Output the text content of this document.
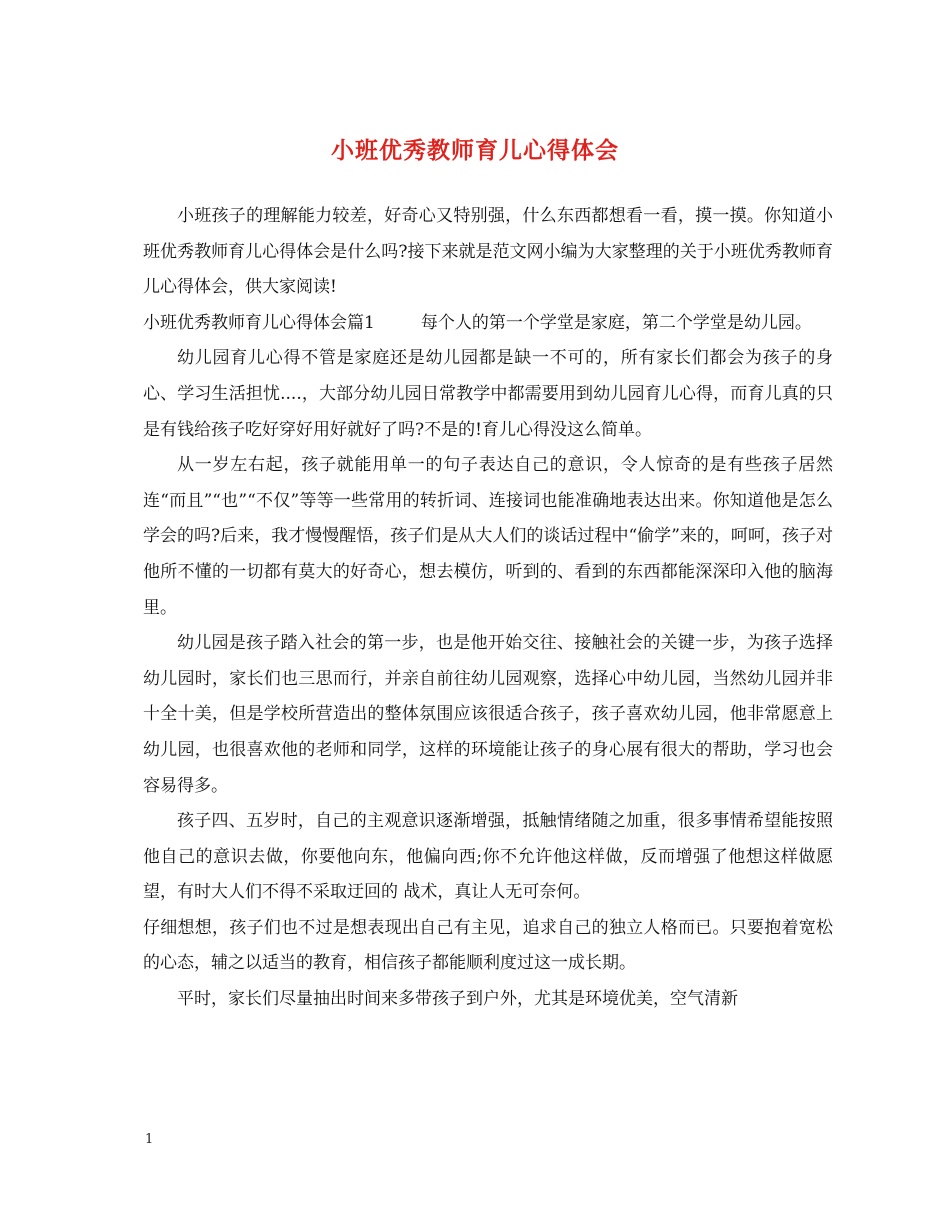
小班优秀教师育儿心得体会

小班孩子的理解能力较差，好奇心又特别强，什么东西都想看一看，摸一摸。你知道小班优秀教师育儿心得体会是什么吗?接下来就是范文网小编为大家整理的关于小班优秀教师育儿心得体会，供大家阅读!

小班优秀教师育儿心得体会篇1	每个人的第一个学堂是家庭，第二个学堂是幼儿园。

幼儿园育儿心得不管是家庭还是幼儿园都是缺一不可的，所有家长们都会为孩子的身心、学习生活担忧....，大部分幼儿园日常教学中都需要用到幼儿园育儿心得，而育儿真的只是有钱给孩子吃好穿好用好就好了吗?不是的!育儿心得没这么简单。

从一岁左右起，孩子就能用单一的句子表达自己的意识，令人惊奇的是有些孩子居然连“而且”“也”“不仅”等等一些常用的转折词、连接词也能准确地表达出来。你知道他是怎么学会的吗?后来，我才慢慢醒悟，孩子们是从大人们的谈话过程中“偷学”来的，呵呵，孩子对他所不懂的一切都有莫大的好奇心，想去模仿，听到的、看到的东西都能深深印入他的脑海里。

幼儿园是孩子踏入社会的第一步，也是他开始交往、接触社会的关键一步，为孩子选择幼儿园时，家长们也三思而行，并亲自前往幼儿园观察，选择心中幼儿园，当然幼儿园并非十全十美，但是学校所营造出的整体氛围应该很适合孩子，孩子喜欢幼儿园，他非常愿意上幼儿园，也很喜欢他的老师和同学，这样的环境能让孩子的身心展有很大的帮助，学习也会容易得多。

孩子四、五岁时，自己的主观意识逐渐增强，抵触情绪随之加重，很多事情希望能按照他自己的意识去做，你要他向东，他偏向西;你不允许他这样做，反而增强了他想这样做愿望，有时大人们不得不采取迂回的 战术，真让人无可奈何。

仔细想想，孩子们也不过是想表现出自己有主见，追求自己的独立人格而已。只要抱着宽松的心态，辅之以适当的教育，相信孩子都能顺利度过这一成长期。

平时，家长们尽量抽出时间来多带孩子到户外，尤其是环境优美，空气清新

1
